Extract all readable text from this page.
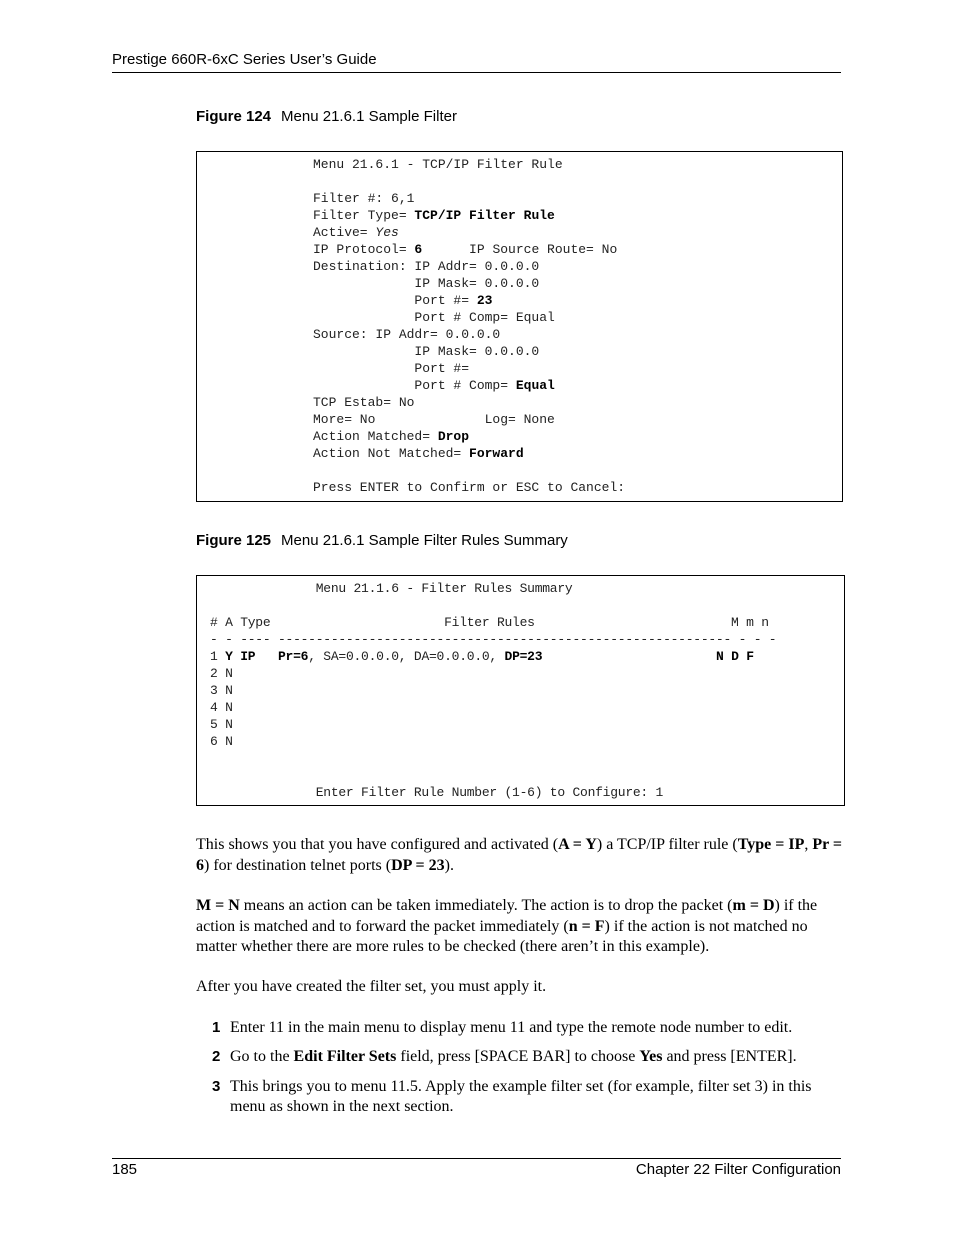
Prestige 660R-6xC Series User’s Guide
Figure 124 Menu 21.6.1 Sample Filter
Menu 21.6.1 - TCP/IP Filter Rule
Filter #: 6,1
Filter Type= TCP/IP Filter Rule
Active= Yes
IP Protocol= 6      IP Source Route= No
Destination: IP Addr= 0.0.0.0
IP Mask= 0.0.0.0
Port #= 23
Port # Comp= Equal
Source: IP Addr= 0.0.0.0
IP Mask= 0.0.0.0
Port #=
Port # Comp= Equal
TCP Estab= No
More= No              Log= None
Action Matched= Drop
Action Not Matched= Forward
Press ENTER to Confirm or ESC to Cancel:
Figure 125 Menu 21.6.1 Sample Filter Rules Summary
Menu 21.1.6 - Filter Rules Summary
# A Type                       Filter Rules                          M m n
- - ---- ------------------------------------------------------------ - - -
1 Y IP   Pr=6, SA=0.0.0.0, DA=0.0.0.0, DP=23	N D F
2 N
3 N
4 N
5 N
6 N
Enter Filter Rule Number (1-6) to Configure: 1
This shows you that you have configured and activated (A = Y) a TCP/IP filter rule (Type = IP, Pr = 6) for destination telnet ports (DP = 23).
M = N means an action can be taken immediately. The action is to drop the packet (m = D) if the action is matched and to forward the packet immediately (n = F) if the action is not matched no matter whether there are more rules to be checked (there aren’t in this example).
After you have created the filter set, you must apply it.
1 Enter 11 in the main menu to display menu 11 and type the remote node number to edit.
2 Go to the Edit Filter Sets field, press [SPACE BAR] to choose Yes and press [ENTER].
3 This brings you to menu 11.5. Apply the example filter set (for example, filter set 3) in this menu as shown in the next section.
185	Chapter 22 Filter Configuration
